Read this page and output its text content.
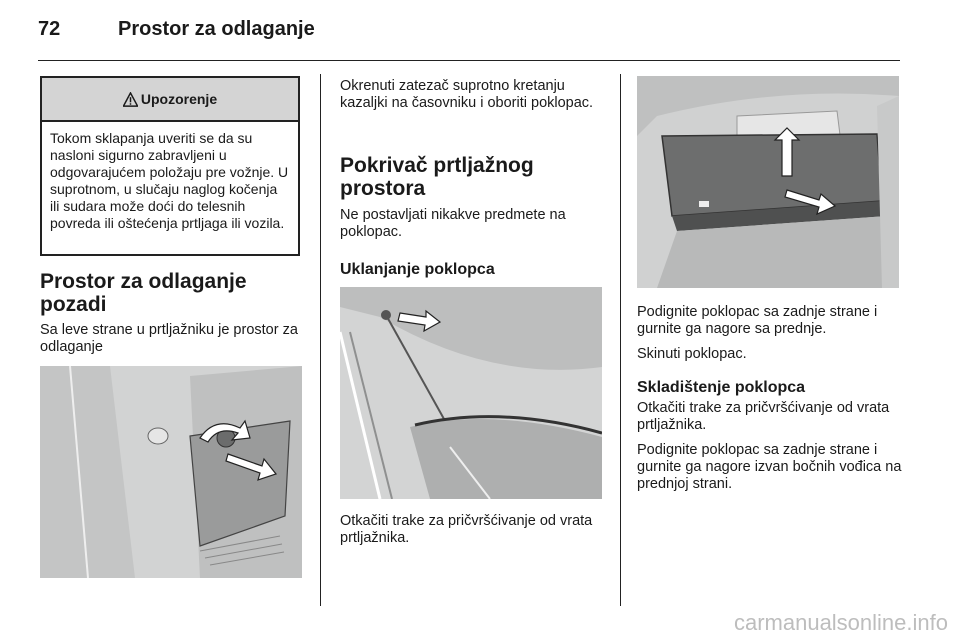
72	Prostor za odlaganje
Upozorenje
Tokom sklapanja uveriti se da su nasloni sigurno zabravljeni u odgovarajućem položaju pre vožnje. U suprotnom, u slučaju naglog kočenja ili sudara može doći do telesnih povreda ili oštećenja prtljaga ili vozila.
Prostor za odlaganje pozadi
Sa leve strane u prtljažniku je prostor za odlaganje
Okrenuti zatezač suprotno kretanju kazaljki na časovniku i oboriti poklopac.
Pokrivač prtljažnog prostora
Ne postavljati nikakve predmete na poklopac.
Uklanjanje poklopca
Otkačiti trake za pričvršćivanje od vrata prtljažnika.
Podignite poklopac sa zadnje strane i gurnite ga nagore sa prednje.
Skinuti poklopac.
Skladištenje poklopca
Otkačiti trake za pričvršćivanje od vrata prtljažnika.
Podignite poklopac sa zadnje strane i gurnite ga nagore izvan bočnih vođica na prednjoj strani.
carmanualsonline.info
